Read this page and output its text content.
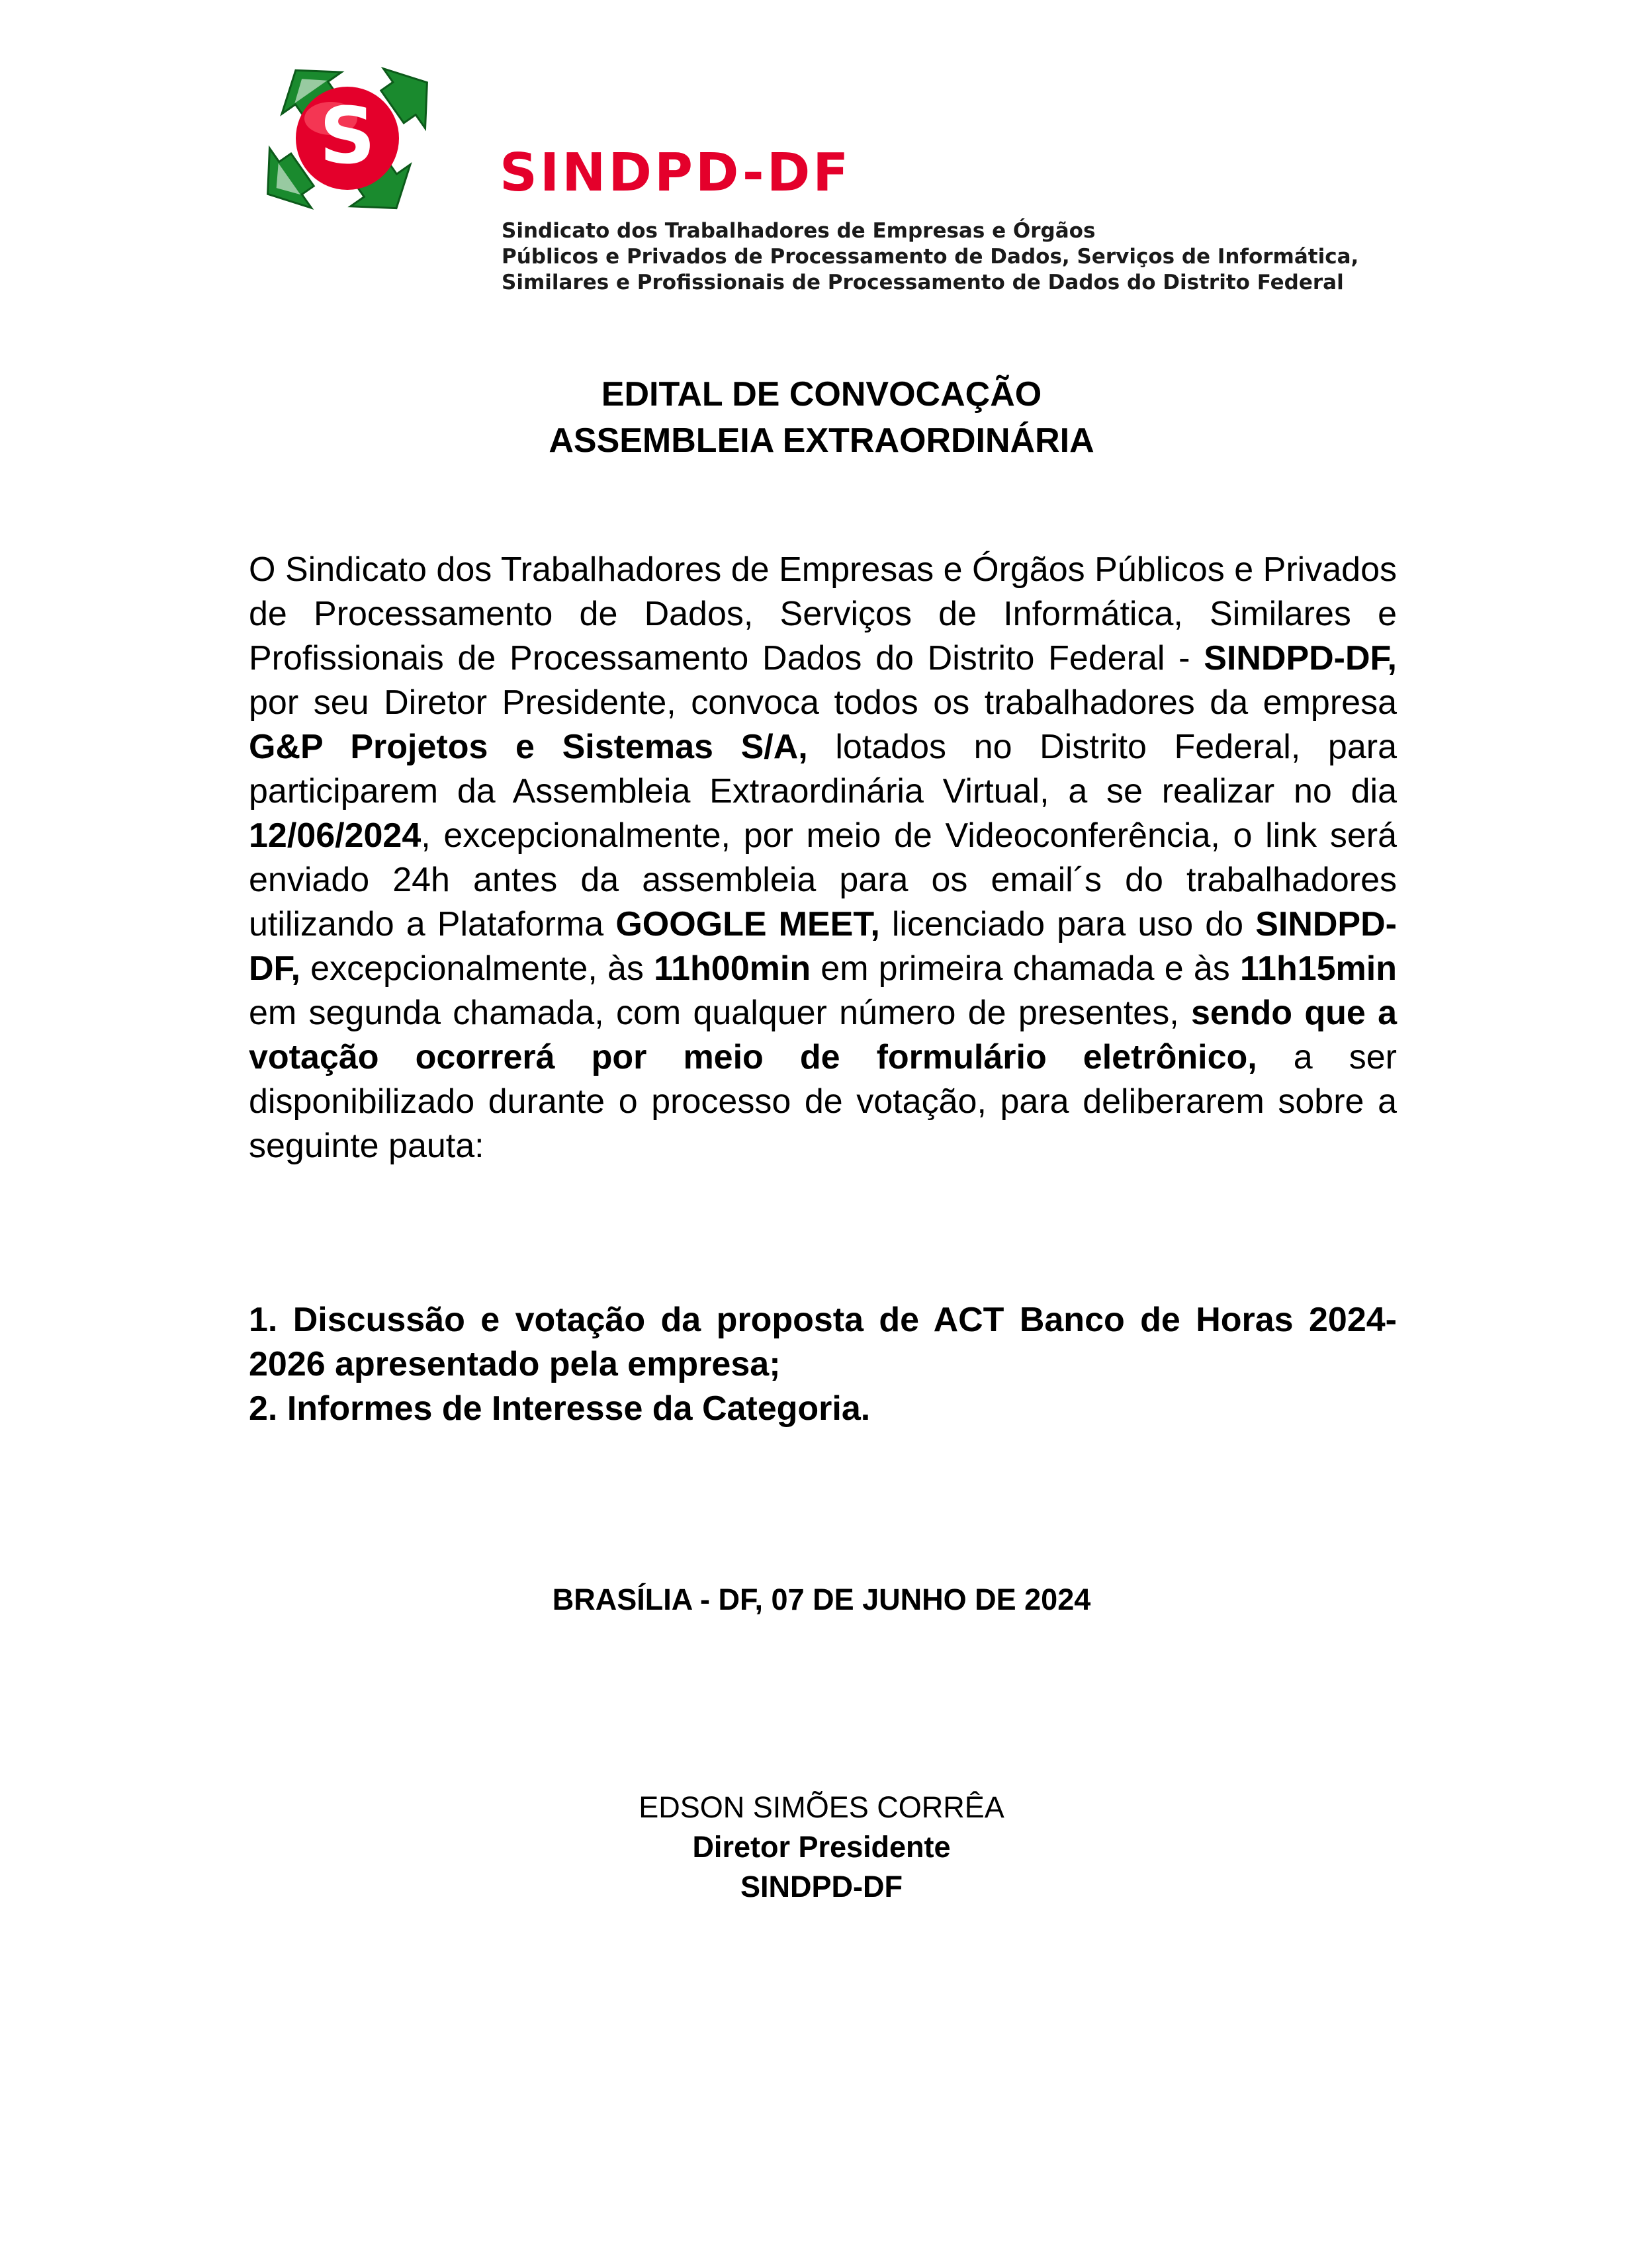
S SINDPD-DF
Sindicato dos Trabalhadores de Empresas e Órgãos
Públicos e Privados de Processamento de Dados, Serviços de Informática,
Similares e Profissionais de Processamento de Dados do Distrito Federal
EDITAL DE CONVOCAÇÃO
ASSEMBLEIA EXTRAORDINÁRIA
O Sindicato dos Trabalhadores de Empresas e Órgãos Públicos e Privados de Processamento de Dados, Serviços de Informática, Similares e Profissionais de Processamento Dados do Distrito Federal - SINDPD-DF, por seu Diretor Presidente, convoca todos os trabalhadores da empresa G&P Projetos e Sistemas S/A, lotados no Distrito Federal, para participarem da Assembleia Extraordinária Virtual, a se realizar no dia 12/06/2024, excepcionalmente, por meio de Videoconferência, o link será enviado 24h antes da assembleia para os email´s do trabalhadores utilizando a Plataforma GOOGLE MEET, licenciado para uso do SINDPD-DF, excepcionalmente, às 11h00min em primeira chamada e às 11h15min em segunda chamada, com qualquer número de presentes, sendo que a votação ocorrerá por meio de formulário eletrônico, a ser disponibilizado durante o processo de votação, para deliberarem sobre a seguinte pauta:
1. Discussão e votação da proposta de ACT Banco de Horas 2024-2026 apresentado pela empresa;
2. Informes de Interesse da Categoria.
BRASÍLIA - DF, 07 DE JUNHO DE 2024
EDSON SIMÕES CORRÊA
Diretor Presidente
SINDPD-DF
